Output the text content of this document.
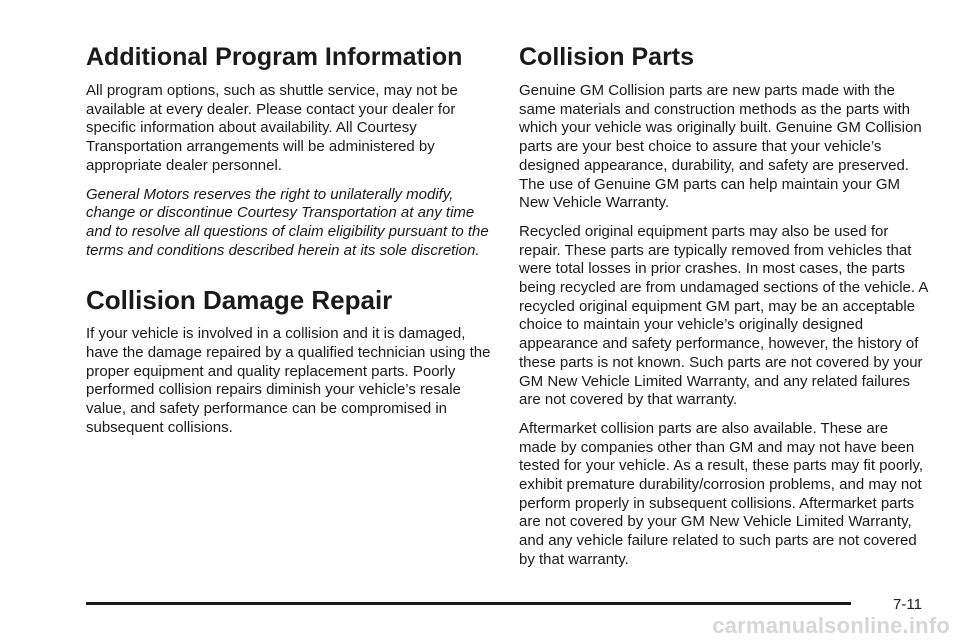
Additional Program Information

All program options, such as shuttle service, may not be available at every dealer. Please contact your dealer for specific information about availability. All Courtesy Transportation arrangements will be administered by appropriate dealer personnel.

General Motors reserves the right to unilaterally modify, change or discontinue Courtesy Transportation at any time and to resolve all questions of claim eligibility pursuant to the terms and conditions described herein at its sole discretion.

Collision Damage Repair

If your vehicle is involved in a collision and it is damaged, have the damage repaired by a qualified technician using the proper equipment and quality replacement parts. Poorly performed collision repairs diminish your vehicle’s resale value, and safety performance can be compromised in subsequent collisions.

Collision Parts

Genuine GM Collision parts are new parts made with the same materials and construction methods as the parts with which your vehicle was originally built. Genuine GM Collision parts are your best choice to assure that your vehicle’s designed appearance, durability, and safety are preserved. The use of Genuine GM parts can help maintain your GM New Vehicle Warranty.

Recycled original equipment parts may also be used for repair. These parts are typically removed from vehicles that were total losses in prior crashes. In most cases, the parts being recycled are from undamaged sections of the vehicle. A recycled original equipment GM part, may be an acceptable choice to maintain your vehicle’s originally designed appearance and safety performance, however, the history of these parts is not known. Such parts are not covered by your GM New Vehicle Limited Warranty, and any related failures are not covered by that warranty.

Aftermarket collision parts are also available. These are made by companies other than GM and may not have been tested for your vehicle. As a result, these parts may fit poorly, exhibit premature durability/corrosion problems, and may not perform properly in subsequent collisions. Aftermarket parts are not covered by your GM New Vehicle Limited Warranty, and any vehicle failure related to such parts are not covered by that warranty.

7-11
carmanualsonline.info
